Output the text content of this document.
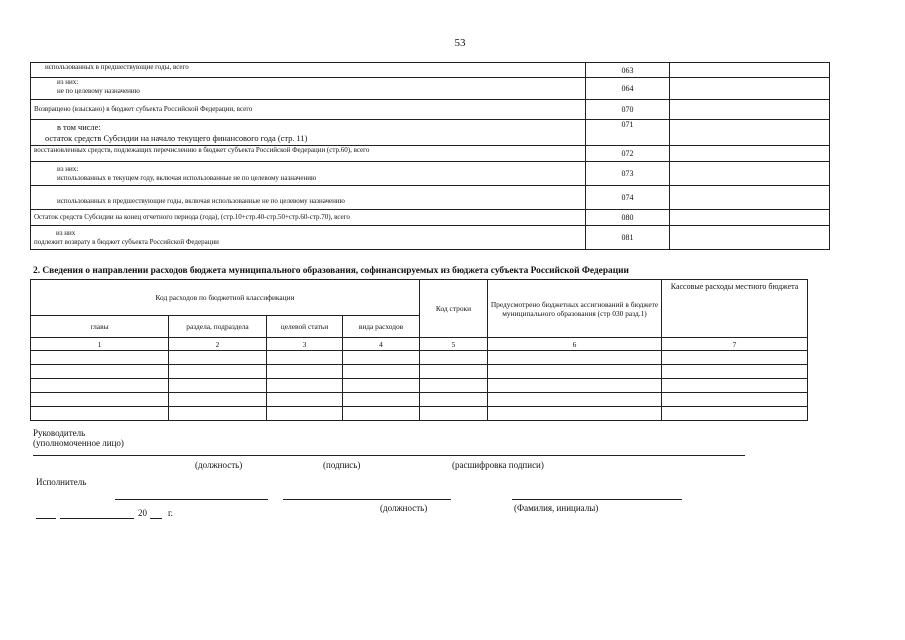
53
использованных в предшествующие годы, всего	063	

из них:
не по целевому назначению	064	
Возвращено (взыскано) в бюджет субъекта Российской Федерации, всего	070	

в том числе:
остаток средств Субсидии на начало текущего финансового года (стр. 11)	071	
восстановленных средств, подлежащих перечислению в бюджет субъекта Российской Федерации (стр.60), всего	072	

из них:
использованных в текущем году, включая использованные не по целевому назначению	073	
использованных в предшествующие годы, включая использованные не по целевому назначению	074	
Остаток средств Субсидии на конец отчетного периода (года), (стр.10+стр.40-стр.50+стр.60-стр.70), всего	080	

из них
подлежит возврату в бюджет субъекта Российской Федерации	081	
2. Сведения о направлении расходов бюджета муниципального образования, софинансируемых из бюджета субъекта Российской Федерации
Код расходов по бюджетной классификации				Код строки	Предусмотрено бюджетных ассигнований в бюджете муниципального образования (стр 030 разд.1)	Кассовые расходы местного бюджета
главы	раздела, подраздела	целевой статьи	вида расходов			
1	2	3	4	5	6	7

Руководитель
(уполномоченное лицо)
(должность)	(подпись)	(расшифровка подписи)
Исполнитель
20 г.	(должность)	(Фамилия, инициалы)
